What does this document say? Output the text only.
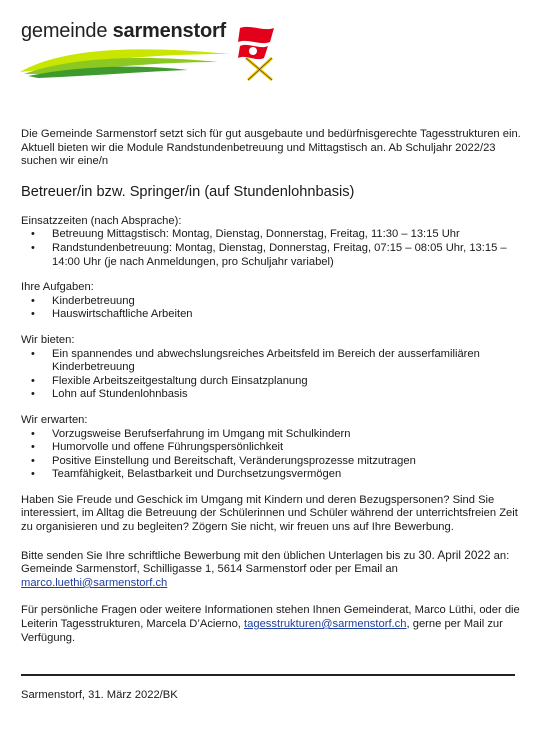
gemeinde sarmenstorf

Die Gemeinde Sarmenstorf setzt sich für gut ausgebaute und bedürfnisgerechte Tagesstrukturen ein. Aktuell bieten wir die Module Randstundenbetreuung und Mittagstisch an. Ab Schuljahr 2022/23 suchen wir eine/n

Betreuer/in bzw. Springer/in (auf Stundenlohnbasis)

Einsatzzeiten (nach Absprache):

• Betreuung Mittagstisch: Montag, Dienstag, Donnerstag, Freitag, 11:30 – 13:15 Uhr
• Randstundenbetreuung: Montag, Dienstag, Donnerstag, Freitag, 07:15 – 08:05 Uhr, 13:15 – 14:00 Uhr (je nach Anmeldungen, pro Schuljahr variabel)

Ihre Aufgaben:

• Kinderbetreuung
• Hauswirtschaftliche Arbeiten

Wir bieten:

• Ein spannendes und abwechslungsreiches Arbeitsfeld im Bereich der ausserfamiliären Kinderbetreuung
• Flexible Arbeitszeitgestaltung durch Einsatzplanung
• Lohn auf Stundenlohnbasis

Wir erwarten:

• Vorzugsweise Berufserfahrung im Umgang mit Schulkindern
• Humorvolle und offene Führungspersönlichkeit
• Positive Einstellung und Bereitschaft, Veränderungsprozesse mitzutragen
• Teamfähigkeit, Belastbarkeit und Durchsetzungsvermögen

Haben Sie Freude und Geschick im Umgang mit Kindern und deren Bezugspersonen? Sind Sie interessiert, im Alltag die Betreuung der Schülerinnen und Schüler während der unterrichtsfreien Zeit zu organisieren und zu begleiten? Zögern Sie nicht, wir freuen uns auf Ihre Bewerbung.

Bitte senden Sie Ihre schriftliche Bewerbung mit den üblichen Unterlagen bis zu 30. April 2022 an: Gemeinde Sarmenstorf, Schilligasse 1, 5614 Sarmenstorf oder per Email an
marco.luethi@sarmenstorf.ch

Für persönliche Fragen oder weitere Informationen stehen Ihnen Gemeinderat, Marco Lüthi, oder die Leiterin Tagesstrukturen, Marcela D’Acierno, tagesstrukturen@sarmenstorf.ch, gerne per Mail zur Verfügung.

Sarmenstorf, 31. März 2022/BK
